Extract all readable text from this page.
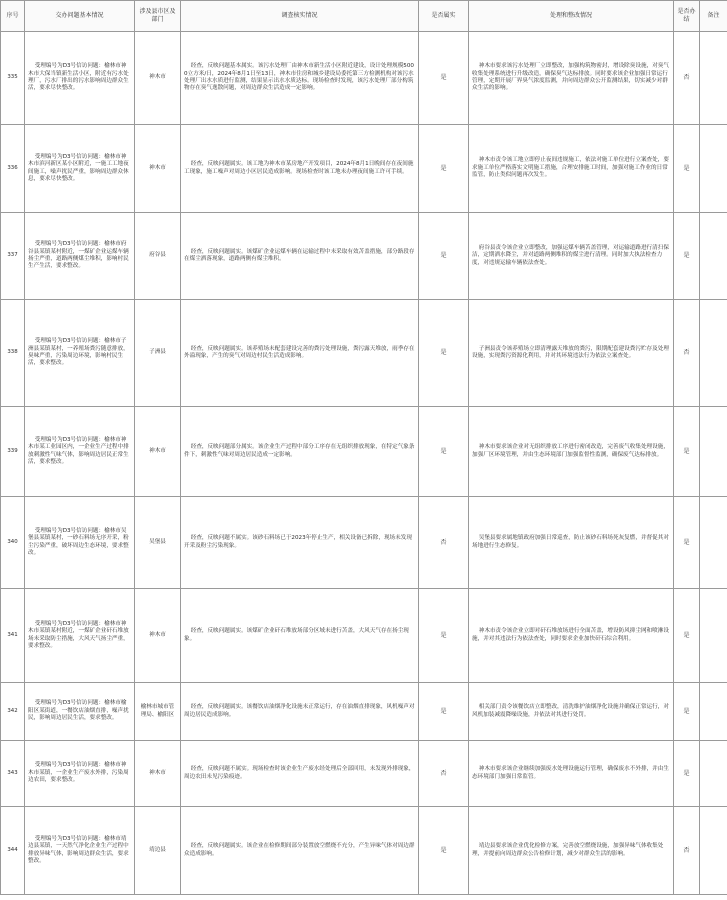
序号	交办问题基本情况	涉及县市区及部门	调查核实情况	是否属实	处理和整改情况	是否办结	备注
335	受理编号为D3号信访问题：榆林市神木市大保当镇新生活小区，附近有污水处理厂，污水厂排出的污水影响周边群众生活，要求尽快整改。	神木市	经查，反映问题基本属实。该污水处理厂由神木市新生活小区附近建设，设计处理规模5000立方米/日，2024年8月1日至13日，神木市住房和城乡建设局委托第三方检测机构对该污水处理厂出水水质进行监测，结果显示出水水质达标。现场检查时发现，该污水处理厂部分构筑物存在臭气逸散问题，对周边群众生活造成一定影响。	是	神木市要求该污水处理厂立即整改，加强构筑物密封，增设除臭设施，对臭气收集处理系统进行升级改造，确保臭气达标排放。同时要求该企业加强日常运行管理，定期开展厂界臭气浓度监测，并向周边群众公开监测结果，切实减少对群众生活的影响。	否	
336	受理编号为D3号信访问题：榆林市神木市滨河新区某小区附近，一施工工地夜间施工，噪声扰民严重，影响周边群众休息，要求尽快整改。	神木市	经查，反映问题属实。该工地为神木市某房地产开发项目，2024年8月1日晚间存在夜间施工现象，施工噪声对周边小区居民造成影响。现场检查时该工地未办理夜间施工许可手续。	是	神木市责令该工地立即停止夜间违规施工，依法对施工单位进行立案查处，要求施工单位严格落实文明施工措施，合理安排施工时间，加强对施工作业的日常监管，防止类似问题再次发生。	是	
337	受理编号为D3号信访问题：榆林市府谷县某镇某村附近，一煤矿企业运煤车辆扬尘严重，道路两侧煤尘堆积，影响村民生产生活，要求整改。	府谷县	经查，反映问题属实。该煤矿企业运煤车辆在运输过程中未采取有效苫盖措施，部分路段存在煤尘洒落现象，道路两侧有煤尘堆积。	是	府谷县责令该企业立即整改，加强运煤车辆苫盖管理，对运输道路进行清扫保洁，定期洒水降尘，并对道路两侧堆积的煤尘进行清理。同时加大执法检查力度，对违规运输车辆依法查处。	是	
338	受理编号为D3号信访问题：榆林市子洲县某镇某村，一养殖场粪污随意排放，臭味严重，污染周边环境，影响村民生活，要求整改。	子洲县	经查，反映问题属实。该养殖场未配套建设完善的粪污处理设施，粪污露天堆放，雨季存在外溢现象，产生的臭气对周边村民生活造成影响。	是	子洲县责令该养殖场立即清理露天堆放的粪污，限期配套建设粪污贮存及处理设施，实现粪污资源化利用，并对其环境违法行为依法立案查处。	否	
339	受理编号为D3号信访问题：榆林市神木市某工业园区内，一企业生产过程中排放刺激性气味气体，影响周边居民正常生活，要求整改。	神木市	经查，反映问题部分属实。该企业生产过程中部分工序存在无组织排放现象，在特定气象条件下，刺激性气味对周边居民造成一定影响。	是	神木市要求该企业对无组织排放工序进行密闭改造，完善废气收集处理设施，加强厂区环境管理，并由生态环境部门加强监督性监测，确保废气达标排放。	是	
340	受理编号为D3号信访问题：榆林市吴堡县某镇某村，一砂石料场无序开采，粉尘污染严重，破坏周边生态环境，要求整改。	吴堡县	经查，反映问题不属实。该砂石料场已于2023年停止生产，相关设备已拆除，现场未发现开采及粉尘污染现象。	否	吴堡县要求属地镇政府加强日常巡查，防止该砂石料场死灰复燃，并督促其对场地进行生态修复。	是	
341	受理编号为D3号信访问题：榆林市神木市某镇某村附近，一煤矿企业矸石堆放场未采取防尘措施，大风天气扬尘严重，要求整改。	神木市	经查，反映问题属实。该煤矿企业矸石堆放场部分区域未进行苫盖，大风天气存在扬尘现象。	是	神木市责令该企业立即对矸石堆放场进行全面苫盖，增设防风抑尘网和喷淋设施，并对其违法行为依法查处，同时要求企业加快矸石综合利用。	是	
342	受理编号为D3号信访问题：榆林市榆阳区某街道，一餐饮店油烟直排，噪声扰民，影响周边居民生活，要求整改。	榆林市城市管理局、榆阳区	经查，反映问题属实。该餐饮店油烟净化设施未正常运行，存在油烟直排现象，风机噪声对周边居民造成影响。	是	相关部门责令该餐饮店立即整改，清洗维护油烟净化设施并确保正常运行，对风机加装减震降噪设施，并依法对其进行处罚。	是	
343	受理编号为D3号信访问题：榆林市神木市某镇，一企业生产废水外排，污染周边农田，要求整改。	神木市	经查，反映问题不属实。现场检查时该企业生产废水经处理后全部回用，未发现外排现象，周边农田未见污染痕迹。	否	神木市要求该企业继续加强废水处理设施运行管理，确保废水不外排，并由生态环境部门加强日常监管。	是	
344	受理编号为D3号信访问题：榆林市靖边县某镇，一天然气净化企业生产过程中排放异味气体，影响周边群众生活，要求整改。	靖边县	经查，反映问题属实。该企业在检修期间部分装置放空燃烧不充分，产生异味气体对周边群众造成影响。	是	靖边县要求该企业优化检修方案，完善放空燃烧设施，加强异味气体收集处理，并提前向周边群众公告检修计划，减少对群众生活的影响。	否	
